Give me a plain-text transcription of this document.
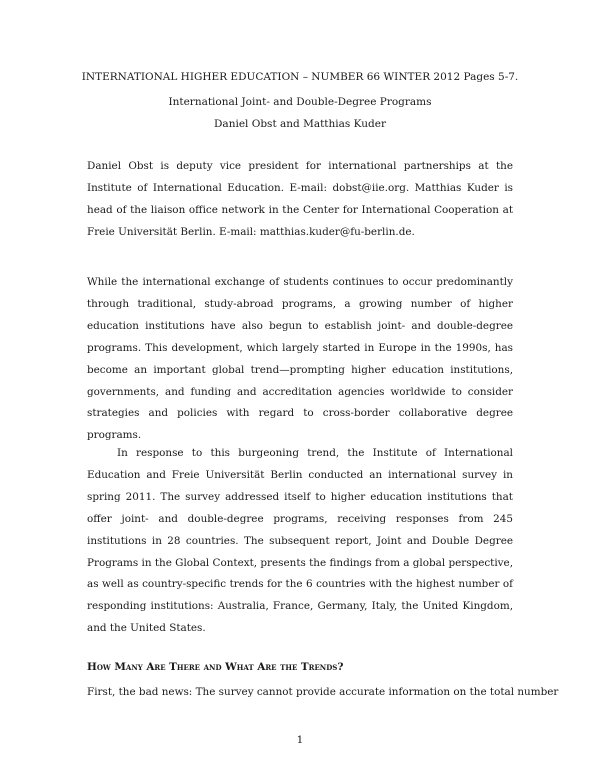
INTERNATIONAL HIGHER EDUCATION – NUMBER 66 WINTER 2012 Pages 5-7.
International Joint- and Double-Degree Programs
Daniel Obst and Matthias Kuder

Daniel Obst is deputy vice president for international partnerships at the Institute of International Education. E-mail: dobst@iie.org. Matthias Kuder is head of the liaison office network in the Center for International Cooperation at Freie Universität Berlin. E-mail: matthias.kuder@fu-berlin.de.

While the international exchange of students continues to occur predominantly through traditional, study-abroad programs, a growing number of higher education institutions have also begun to establish joint- and double-degree programs. This development, which largely started in Europe in the 1990s, has become an important global trend—prompting higher education institutions, governments, and funding and accreditation agencies worldwide to consider strategies and policies with regard to cross-border collaborative degree programs.

In response to this burgeoning trend, the Institute of International Education and Freie Universität Berlin conducted an international survey in spring 2011. The survey addressed itself to higher education institutions that offer joint- and double-degree programs, receiving responses from 245 institutions in 28 countries. The subsequent report, Joint and Double Degree Programs in the Global Context, presents the findings from a global perspective, as well as country-specific trends for the 6 countries with the highest number of responding institutions: Australia, France, Germany, Italy, the United Kingdom, and the United States.

How Many Are There and What Are the Trends?

First, the bad news: The survey cannot provide accurate information on the total number

1
